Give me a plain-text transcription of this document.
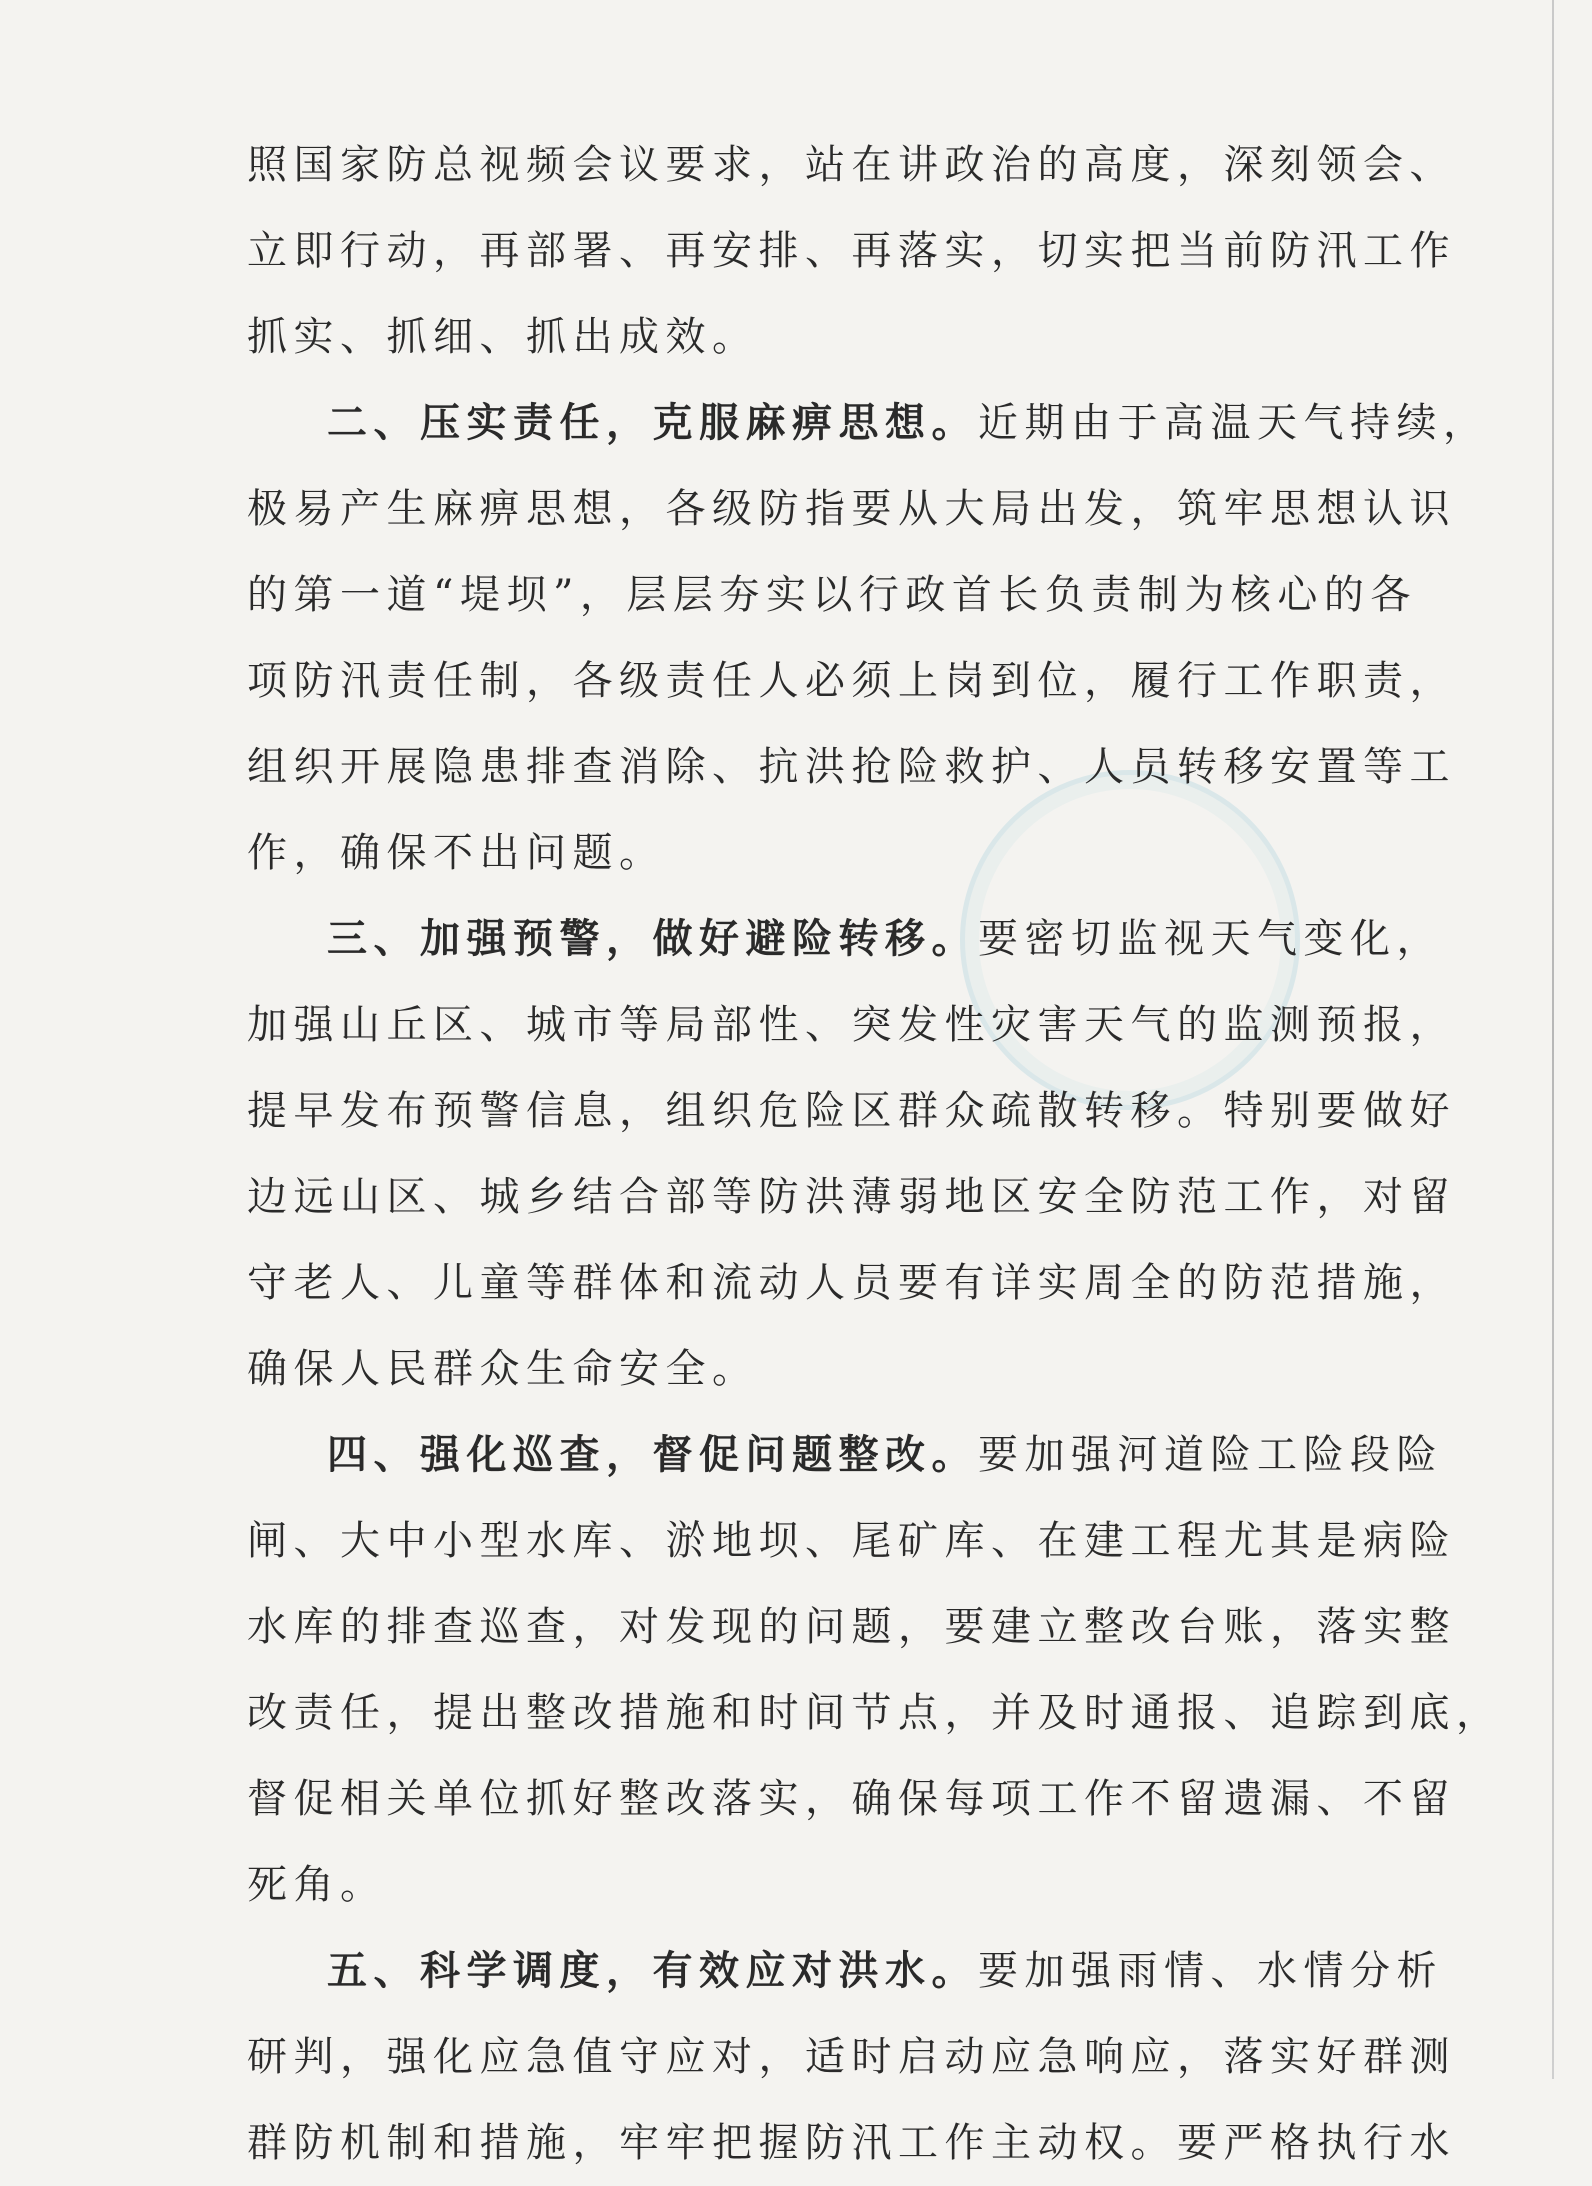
照国家防总视频会议要求，站在讲政治的高度，深刻领会、
立即行动，再部署、再安排、再落实，切实把当前防汛工作
抓实、抓细、抓出成效。
二、压实责任，克服麻痹思想。近期由于高温天气持续，
极易产生麻痹思想，各级防指要从大局出发，筑牢思想认识
的第一道“堤坝”，层层夯实以行政首长负责制为核心的各
项防汛责任制，各级责任人必须上岗到位，履行工作职责，
组织开展隐患排查消除、抗洪抢险救护、人员转移安置等工
作，确保不出问题。
三、加强预警，做好避险转移。要密切监视天气变化，
加强山丘区、城市等局部性、突发性灾害天气的监测预报，
提早发布预警信息，组织危险区群众疏散转移。特别要做好
边远山区、城乡结合部等防洪薄弱地区安全防范工作，对留
守老人、儿童等群体和流动人员要有详实周全的防范措施，
确保人民群众生命安全。
四、强化巡查，督促问题整改。要加强河道险工险段险
闸、大中小型水库、淤地坝、尾矿库、在建工程尤其是病险
水库的排查巡查，对发现的问题，要建立整改台账，落实整
改责任，提出整改措施和时间节点，并及时通报、追踪到底，
督促相关单位抓好整改落实，确保每项工作不留遗漏、不留
死角。
五、科学调度，有效应对洪水。要加强雨情、水情分析
研判，强化应急值守应对，适时启动应急响应，落实好群测
群防机制和措施，牢牢把握防汛工作主动权。要严格执行水
